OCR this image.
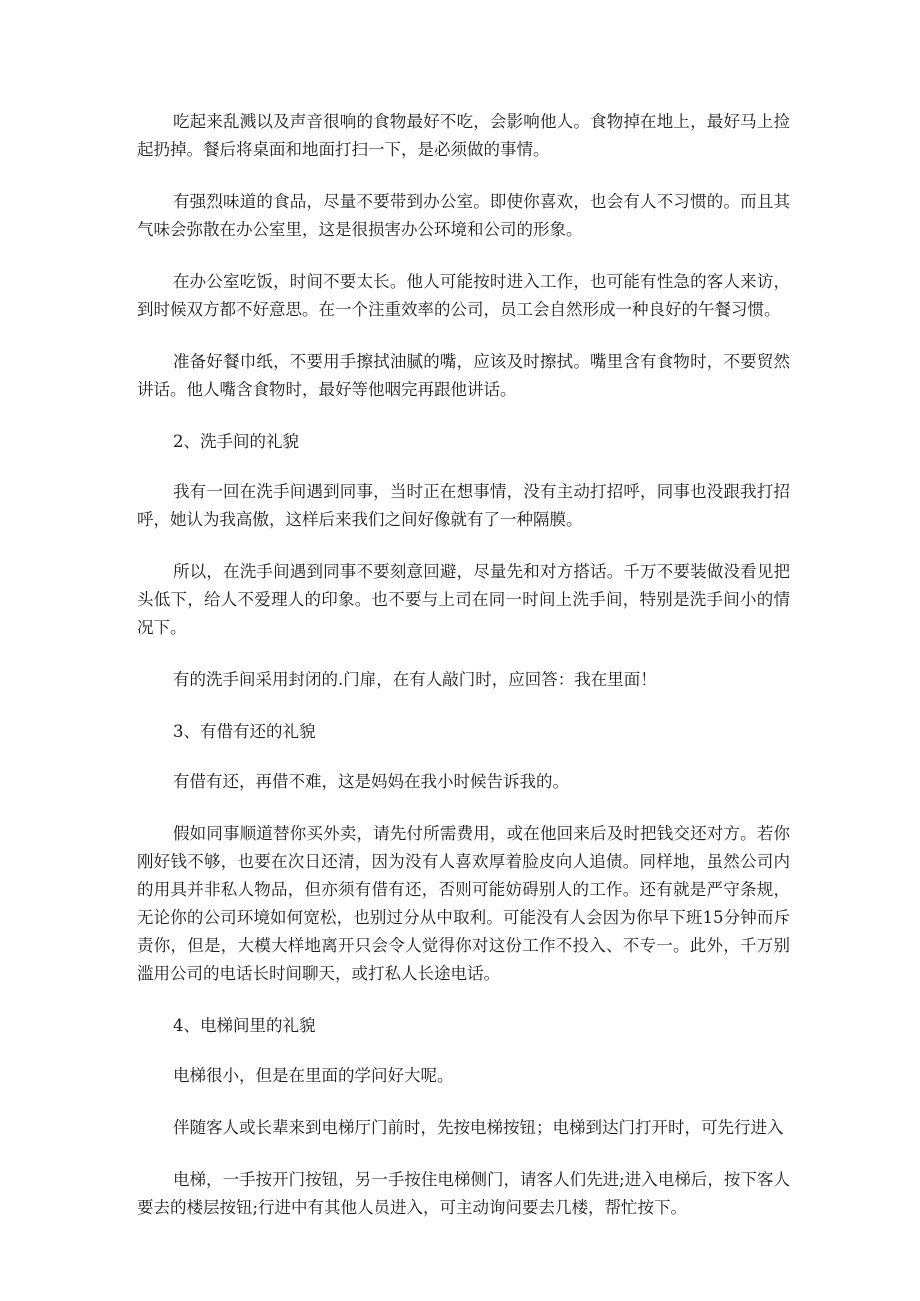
吃起来乱溅以及声音很响的食物最好不吃，会影响他人。食物掉在地上，最好马上捡起扔掉。餐后将桌面和地面打扫一下，是必须做的事情。

有强烈味道的食品，尽量不要带到办公室。即使你喜欢，也会有人不习惯的。而且其气味会弥散在办公室里，这是很损害办公环境和公司的形象。

在办公室吃饭，时间不要太长。他人可能按时进入工作，也可能有性急的客人来访，到时候双方都不好意思。在一个注重效率的公司，员工会自然形成一种良好的午餐习惯。

准备好餐巾纸，不要用手擦拭油腻的嘴，应该及时擦拭。嘴里含有食物时，不要贸然讲话。他人嘴含食物时，最好等他咽完再跟他讲话。

2、洗手间的礼貌

我有一回在洗手间遇到同事，当时正在想事情，没有主动打招呼，同事也没跟我打招呼，她认为我高傲，这样后来我们之间好像就有了一种隔膜。

所以，在洗手间遇到同事不要刻意回避，尽量先和对方搭话。千万不要装做没看见把头低下，给人不爱理人的印象。也不要与上司在同一时间上洗手间，特别是洗手间小的情况下。

有的洗手间采用封闭的.门扉，在有人敲门时，应回答：我在里面！

3、有借有还的礼貌

有借有还，再借不难，这是妈妈在我小时候告诉我的。

假如同事顺道替你买外卖，请先付所需费用，或在他回来后及时把钱交还对方。若你刚好钱不够，也要在次日还清，因为没有人喜欢厚着脸皮向人追债。同样地，虽然公司内的用具并非私人物品，但亦须有借有还，否则可能妨碍别人的工作。还有就是严守条规，无论你的公司环境如何宽松，也别过分从中取利。可能没有人会因为你早下班15分钟而斥责你，但是，大模大样地离开只会令人觉得你对这份工作不投入、不专一。此外，千万别滥用公司的电话长时间聊天，或打私人长途电话。

4、电梯间里的礼貌

电梯很小，但是在里面的学问好大呢。

伴随客人或长辈来到电梯厅门前时，先按电梯按钮；电梯到达门打开时，可先行进入

电梯，一手按开门按钮，另一手按住电梯侧门，请客人们先进;进入电梯后，按下客人要去的楼层按钮;行进中有其他人员进入，可主动询问要去几楼，帮忙按下。
